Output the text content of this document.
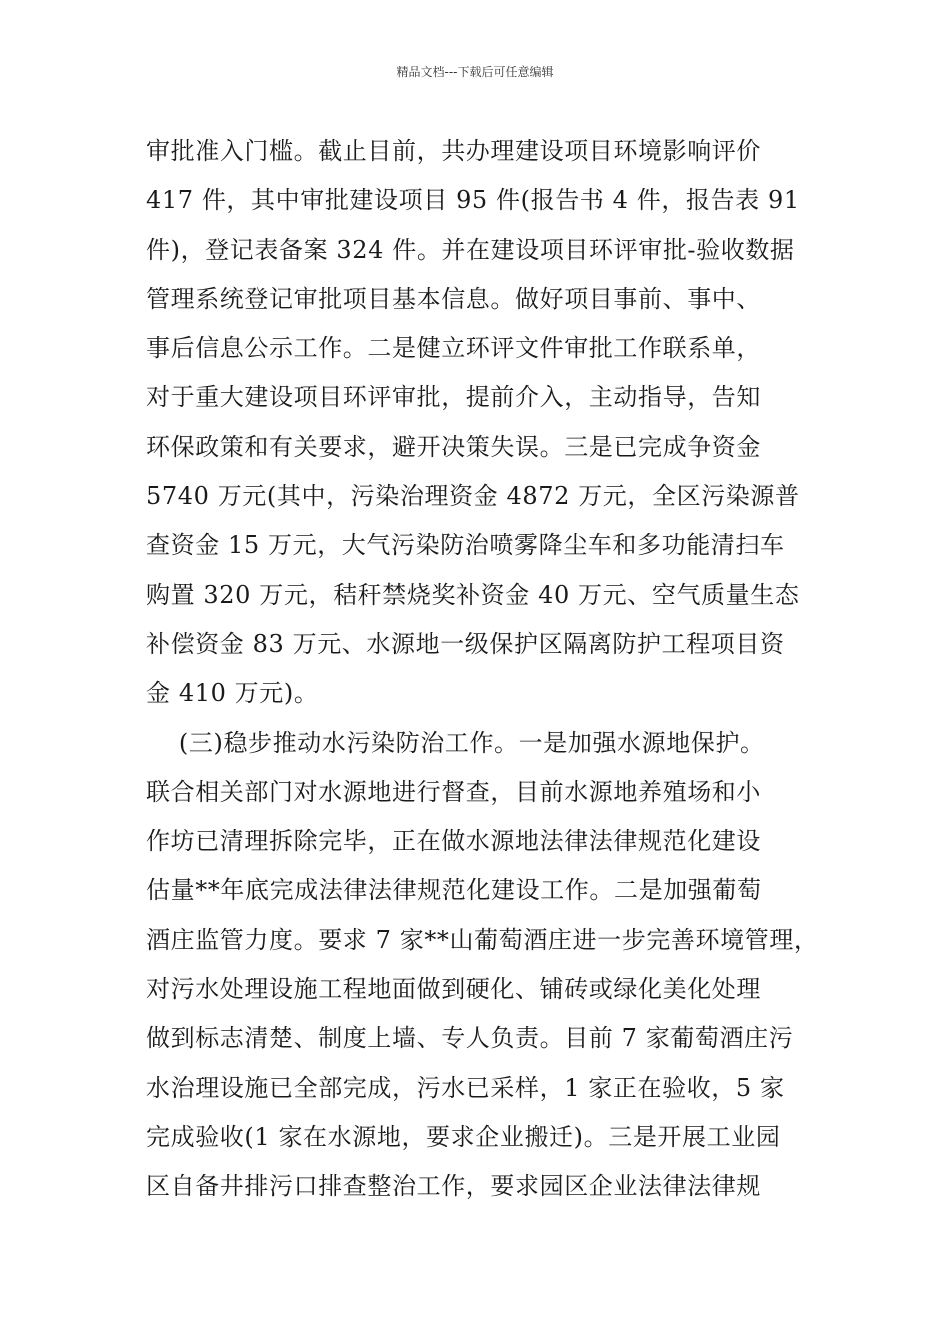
精品文档---下载后可任意编辑
审批准入门槛。截止目前，共办理建设项目环境影响评价
417 件，其中审批建设项目 95 件(报告书 4 件，报告表 91
件)，登记表备案 324 件。并在建设项目环评审批-验收数据
管理系统登记审批项目基本信息。做好项目事前、事中、
事后信息公示工作。二是健立环评文件审批工作联系单，
对于重大建设项目环评审批，提前介入，主动指导，告知
环保政策和有关要求，避开决策失误。三是已完成争资金
5740 万元(其中，污染治理资金 4872 万元，全区污染源普
查资金 15 万元，大气污染防治喷雾降尘车和多功能清扫车
购置 320 万元，秸秆禁烧奖补资金 40 万元、空气质量生态
补偿资金 83 万元、水源地一级保护区隔离防护工程项目资
金 410 万元)。
(三)稳步推动水污染防治工作。一是加强水源地保护。
联合相关部门对水源地进行督查，目前水源地养殖场和小
作坊已清理拆除完毕，正在做水源地法律法律规范化建设
估量**年底完成法律法律规范化建设工作。二是加强葡萄
酒庄监管力度。要求 7 家**山葡萄酒庄进一步完善环境管理，
对污水处理设施工程地面做到硬化、铺砖或绿化美化处理
做到标志清楚、制度上墙、专人负责。目前 7 家葡萄酒庄污
水治理设施已全部完成，污水已采样，1 家正在验收，5 家
完成验收(1 家在水源地，要求企业搬迁)。三是开展工业园
区自备井排污口排查整治工作，要求园区企业法律法律规
